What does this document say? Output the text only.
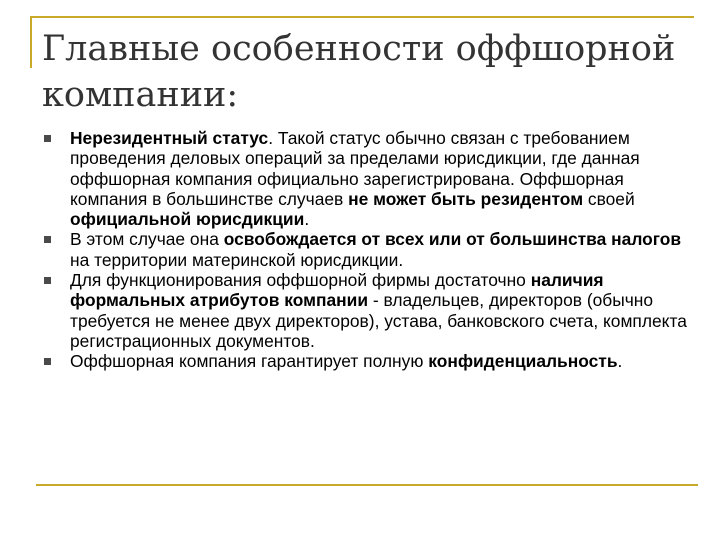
Главные особенности оффшорной компании:
Нерезидентный статус. Такой статус обычно связан с требованием проведения деловых операций за пределами юрисдикции, где данная оффшорная компания официально зарегистрирована. Оффшорная компания в большинстве случаев не может быть резидентом своей официальной юрисдикции.
В этом случае она освобождается от всех или от большинства налогов на территории материнской юрисдикции.
Для функционирования оффшорной фирмы достаточно наличия формальных атрибутов компании - владельцев, директоров (обычно требуется не менее двух директоров), устава, банковского счета, комплекта регистрационных документов.
Оффшорная компания гарантирует полную конфиденциальность.
